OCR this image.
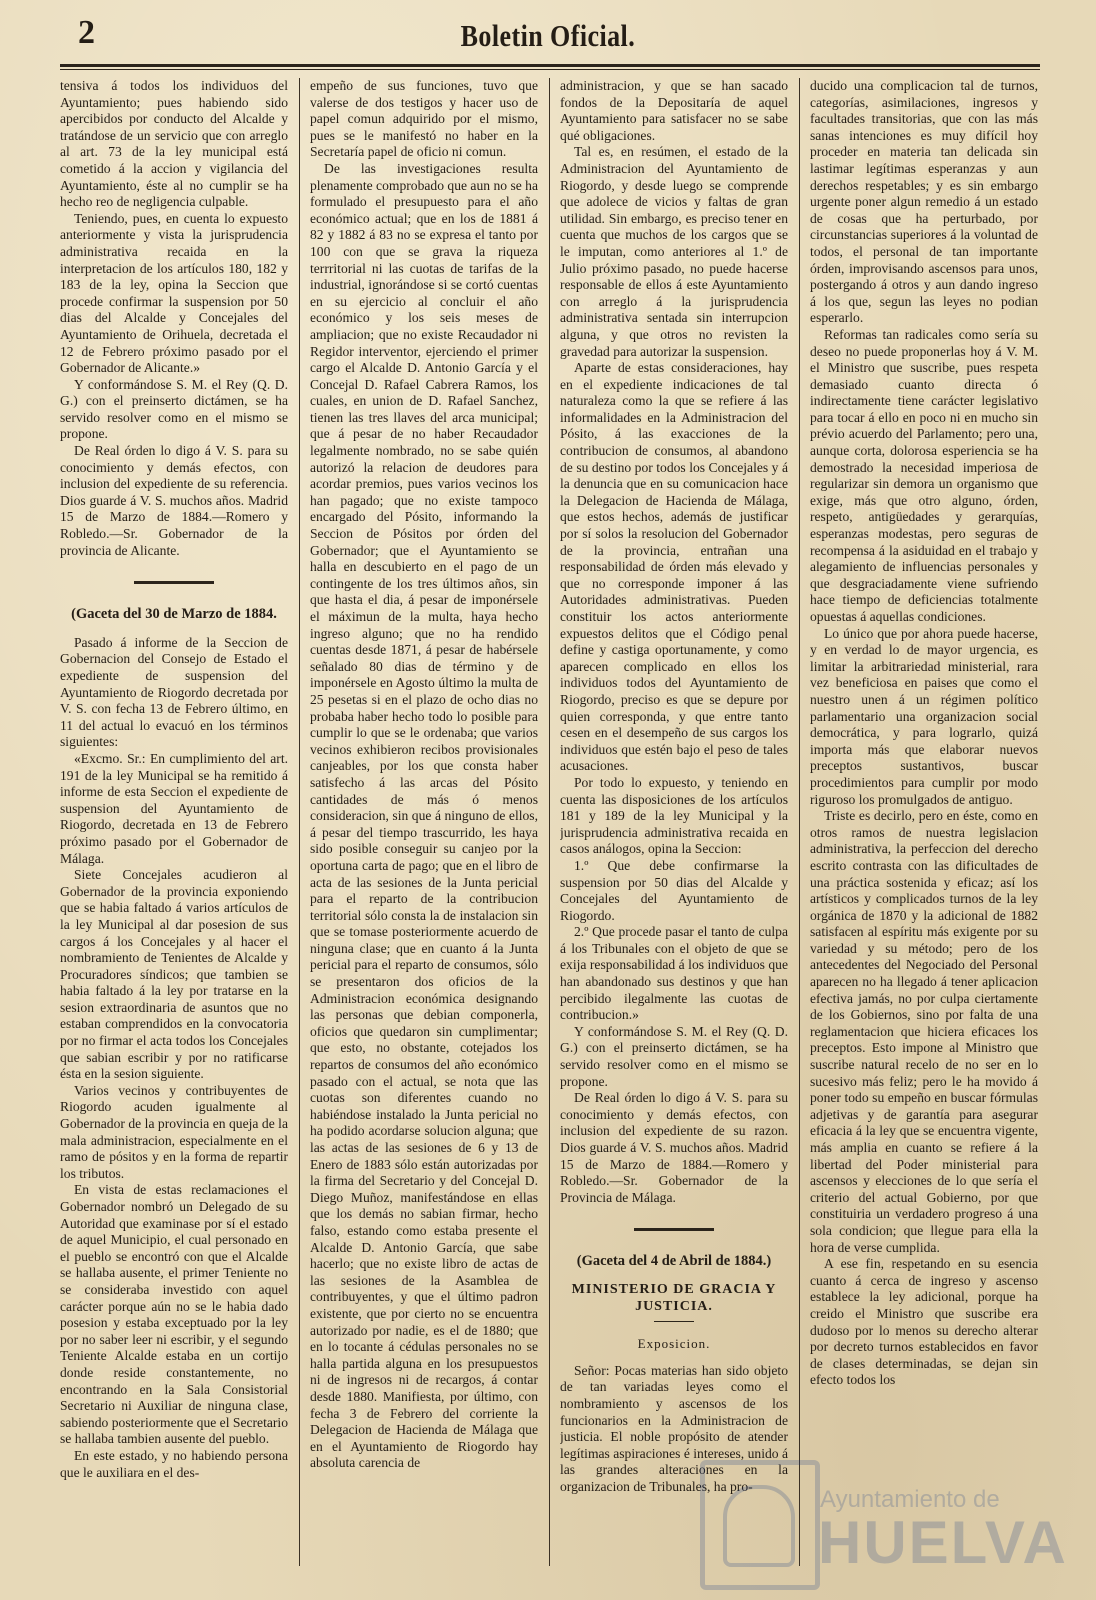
2	Boletin Oficial.

tensiva á todos los individuos del Ayuntamiento; pues habiendo sido apercibidos por conducto del Alcalde y tratándose de un servicio que con arreglo al art. 73 de la ley municipal está cometido á la accion y vigilancia del Ayuntamiento, éste al no cumplir se ha hecho reo de negligencia culpable.

Teniendo, pues, en cuenta lo expuesto anteriormente y vista la jurisprudencia administrativa recaida en la interpretacion de los artículos 180, 182 y 183 de la ley, opina la Seccion que procede confirmar la suspension por 50 dias del Alcalde y Concejales del Ayuntamiento de Orihuela, decretada el 12 de Febrero próximo pasado por el Gobernador de Alicante.»

Y conformándose S. M. el Rey (Q. D. G.) con el preinserto dictámen, se ha servido resolver como en el mismo se propone.

De Real órden lo digo á V. S. para su conocimiento y demás efectos, con inclusion del expediente de su referencia. Dios guarde á V. S. muchos años. Madrid 15 de Marzo de 1884.—Romero y Robledo.—Sr. Gobernador de la provincia de Alicante.

(Gaceta del 30 de Marzo de 1884.

Pasado á informe de la Seccion de Gobernacion del Consejo de Estado el expediente de suspension del Ayuntamiento de Riogordo decretada por V. S. con fecha 13 de Febrero último, en 11 del actual lo evacuó en los términos siguientes:

«Excmo. Sr.: En cumplimiento del art. 191 de la ley Municipal se ha remitido á informe de esta Seccion el expediente de suspension del Ayuntamiento de Riogordo, decretada en 13 de Febrero próximo pasado por el Gobernador de Málaga.

Siete Concejales acudieron al Gobernador de la provincia exponiendo que se habia faltado á varios artículos de la ley Municipal al dar posesion de sus cargos á los Concejales y al hacer el nombramiento de Tenientes de Alcalde y Procuradores síndicos; que tambien se habia faltado á la ley por tratarse en la sesion extraordinaria de asuntos que no estaban comprendidos en la convocatoria por no firmar el acta todos los Concejales que sabian escribir y por no ratificarse ésta en la sesion siguiente.

Varios vecinos y contribuyentes de Riogordo acuden igualmente al Gobernador de la provincia en queja de la mala administracion, especialmente en el ramo de pósitos y en la forma de repartir los tributos.

En vista de estas reclamaciones el Gobernador nombró un Delegado de su Autoridad que examinase por sí el estado de aquel Municipio, el cual personado en el pueblo se encontró con que el Alcalde se hallaba ausente, el primer Teniente no se consideraba investido con aquel carácter porque aún no se le habia dado posesion y estaba exceptuado por la ley por no saber leer ni escribir, y el segundo Teniente Alcalde estaba en un cortijo donde reside constantemente, no encontrando en la Sala Consistorial Secretario ni Auxiliar de ninguna clase, sabiendo posteriormente que el Secretario se hallaba tambien ausente del pueblo.

En este estado, y no habiendo persona que le auxiliara en el des-

empeño de sus funciones, tuvo que valerse de dos testigos y hacer uso de papel comun adquirido por el mismo, pues se le manifestó no haber en la Secretaría papel de oficio ni comun.

De las investigaciones resulta plenamente comprobado que aun no se ha formulado el presupuesto para el año económico actual; que en los de 1881 á 82 y 1882 á 83 no se expresa el tanto por 100 con que se grava la riqueza terrritorial ni las cuotas de tarifas de la industrial, ignorándose si se cortó cuentas en su ejercicio al concluir el año económico y los seis meses de ampliacion; que no existe Recaudador ni Regidor interventor, ejerciendo el primer cargo el Alcalde D. Antonio García y el Concejal D. Rafael Cabrera Ramos, los cuales, en union de D. Rafael Sanchez, tienen las tres llaves del arca municipal; que á pesar de no haber Recaudador legalmente nombrado, no se sabe quién autorizó la relacion de deudores para acordar premios, pues varios vecinos los han pagado; que no existe tampoco encargado del Pósito, informando la Seccion de Pósitos por órden del Gobernador; que el Ayuntamiento se halla en descubierto en el pago de un contingente de los tres últimos años, sin que hasta el dia, á pesar de imponérsele el máximun de la multa, haya hecho ingreso alguno; que no ha rendido cuentas desde 1871, á pesar de habérsele señalado 80 dias de término y de imponérsele en Agosto último la multa de 25 pesetas si en el plazo de ocho dias no probaba haber hecho todo lo posible para cumplir lo que se le ordenaba; que varios vecinos exhibieron recibos provisionales canjeables, por los que consta haber satisfecho á las arcas del Pósito cantidades de más ó menos consideracion, sin que á ninguno de ellos, á pesar del tiempo trascurrido, les haya sido posible conseguir su canjeo por la oportuna carta de pago; que en el libro de acta de las sesiones de la Junta pericial para el reparto de la contribucion territorial sólo consta la de instalacion sin que se tomase posteriormente acuerdo de ninguna clase; que en cuanto á la Junta pericial para el reparto de consumos, sólo se presentaron dos oficios de la Administracion económica designando las personas que debian componerla, oficios que quedaron sin cumplimentar; que esto, no obstante, cotejados los repartos de consumos del año económico pasado con el actual, se nota que las cuotas son diferentes cuando no habiéndose instalado la Junta pericial no ha podido acordarse solucion alguna; que las actas de las sesiones de 6 y 13 de Enero de 1883 sólo están autorizadas por la firma del Secretario y del Concejal D. Diego Muñoz, manifestándose en ellas que los demás no sabian firmar, hecho falso, estando como estaba presente el Alcalde D. Antonio García, que sabe hacerlo; que no existe libro de actas de las sesiones de la Asamblea de contribuyentes, y que el último padron existente, que por cierto no se encuentra autorizado por nadie, es el de 1880; que en lo tocante á cédulas personales no se halla partida alguna en los presupuestos ni de ingresos ni de recargos, á contar desde 1880. Manifiesta, por último, con fecha 3 de Febrero del corriente la Delegacion de Hacienda de Málaga que en el Ayuntamiento de Riogordo hay absoluta carencia de

administracion, y que se han sacado fondos de la Depositaría de aquel Ayuntamiento para satisfacer no se sabe qué obligaciones.

Tal es, en resúmen, el estado de la Administracion del Ayuntamiento de Riogordo, y desde luego se comprende que adolece de vicios y faltas de gran utilidad. Sin embargo, es preciso tener en cuenta que muchos de los cargos que se le imputan, como anteriores al 1.º de Julio próximo pasado, no puede hacerse responsable de ellos á este Ayuntamiento con arreglo á la jurisprudencia administrativa sentada sin interrupcion alguna, y que otros no revisten la gravedad para autorizar la suspension.

Aparte de estas consideraciones, hay en el expediente indicaciones de tal naturaleza como la que se refiere á las informalidades en la Administracion del Pósito, á las exacciones de la contribucion de consumos, al abandono de su destino por todos los Concejales y á la denuncia que en su comunicacion hace la Delegacion de Hacienda de Málaga, que estos hechos, además de justificar por sí solos la resolucion del Gobernador de la provincia, entrañan una responsabilidad de órden más elevado y que no corresponde imponer á las Autoridades administrativas. Pueden constituir los actos anteriormente expuestos delitos que el Código penal define y castiga oportunamente, y como aparecen complicado en ellos los individuos todos del Ayuntamiento de Riogordo, preciso es que se depure por quien corresponda, y que entre tanto cesen en el desempeño de sus cargos los individuos que estén bajo el peso de tales acusaciones.

Por todo lo expuesto, y teniendo en cuenta las disposiciones de los artículos 181 y 189 de la ley Municipal y la jurisprudencia administrativa recaida en casos análogos, opina la Seccion:

1.º Que debe confirmarse la suspension por 50 dias del Alcalde y Concejales del Ayuntamiento de Riogordo.

2.º Que procede pasar el tanto de culpa á los Tribunales con el objeto de que se exija responsabilidad á los individuos que han abandonado sus destinos y que han percibido ilegalmente las cuotas de contribucion.»

Y conformándose S. M. el Rey (Q. D. G.) con el preinserto dictámen, se ha servido resolver como en el mismo se propone.

De Real órden lo digo á V. S. para su conocimiento y demás efectos, con inclusion del expediente de su razon. Dios guarde á V. S. muchos años. Madrid 15 de Marzo de 1884.—Romero y Robledo.—Sr. Gobernador de la Provincia de Málaga.

(Gaceta del 4 de Abril de 1884.)

MINISTERIO DE GRACIA Y JUSTICIA.

Exposicion.

Señor: Pocas materias han sido objeto de tan variadas leyes como el nombramiento y ascensos de los funcionarios en la Administracion de justicia. El noble propósito de atender legítimas aspiraciones é intereses, unido á las grandes alteraciones en la organizacion de Tribunales, ha pro-

ducido una complicacion tal de turnos, categorías, asimilaciones, ingresos y facultades transitorias, que con las más sanas intenciones es muy difícil hoy proceder en materia tan delicada sin lastimar legítimas esperanzas y aun derechos respetables; y es sin embargo urgente poner algun remedio á un estado de cosas que ha perturbado, por circunstancias superiores á la voluntad de todos, el personal de tan importante órden, improvisando ascensos para unos, postergando á otros y aun dando ingreso á los que, segun las leyes no podian esperarlo.

Reformas tan radicales como sería su deseo no puede proponerlas hoy á V. M. el Ministro que suscribe, pues respeta demasiado cuanto directa ó indirectamente tiene carácter legislativo para tocar á ello en poco ni en mucho sin prévio acuerdo del Parlamento; pero una, aunque corta, dolorosa esperiencia se ha demostrado la necesidad imperiosa de regularizar sin demora un organismo que exige, más que otro alguno, órden, respeto, antigüedades y gerarquías, esperanzas modestas, pero seguras de recompensa á la asiduidad en el trabajo y alegamiento de influencias personales y que desgraciadamente viene sufriendo hace tiempo de deficiencias totalmente opuestas á aquellas condiciones.

Lo único que por ahora puede hacerse, y en verdad lo de mayor urgencia, es limitar la arbitrariedad ministerial, rara vez beneficiosa en paises que como el nuestro unen á un régimen político parlamentario una organizacion social democrática, y para lograrlo, quizá importa más que elaborar nuevos preceptos sustantivos, buscar procedimientos para cumplir por modo riguroso los promulgados de antiguo.

Triste es decirlo, pero en éste, como en otros ramos de nuestra legislacion administrativa, la perfeccion del derecho escrito contrasta con las dificultades de una práctica sostenida y eficaz; así los artísticos y complicados turnos de la ley orgánica de 1870 y la adicional de 1882 satisfacen al espíritu más exigente por su variedad y su método; pero de los antecedentes del Negociado del Personal aparecen no ha llegado á tener aplicacion efectiva jamás, no por culpa ciertamente de los Gobiernos, sino por falta de una reglamentacion que hiciera eficaces los preceptos. Esto impone al Ministro que suscribe natural recelo de no ser en lo sucesivo más feliz; pero le ha movido á poner todo su empeño en buscar fórmulas adjetivas y de garantía para asegurar eficacia á la ley que se encuentra vigente, más amplia en cuanto se refiere á la libertad del Poder ministerial para ascensos y elecciones de lo que sería el criterio del actual Gobierno, por que constituiria un verdadero progreso á una sola condicion; que llegue para ella la hora de verse cumplida.

A ese fin, respetando en su esencia cuanto á cerca de ingreso y ascenso establece la ley adicional, porque ha creido el Ministro que suscribe era dudoso por lo menos su derecho alterar por decreto turnos establecidos en favor de clases determinadas, se dejan sin efecto todos los

Ayuntamiento de
HUELVA
